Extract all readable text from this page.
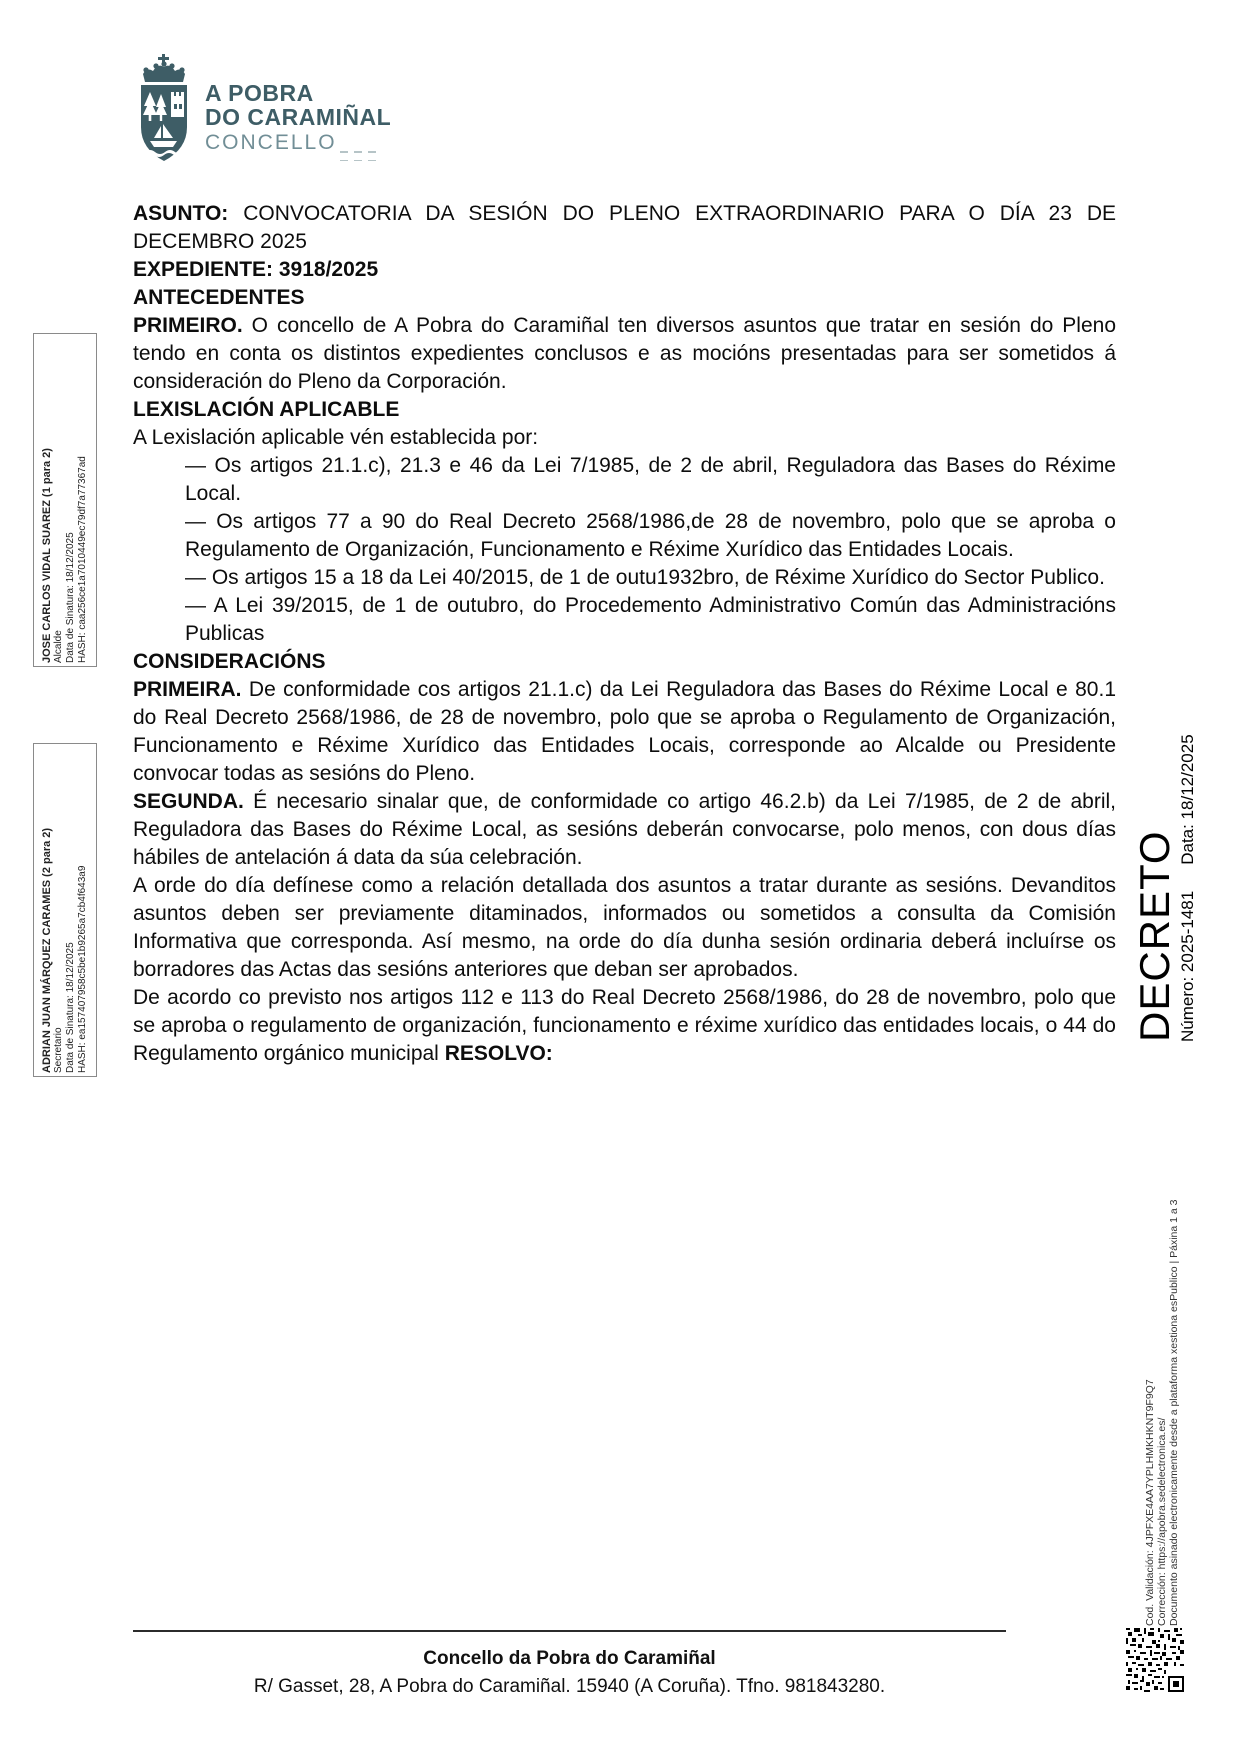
A POBRA
DO CARAMIÑAL
CONCELLO
JOSE CARLOS VIDAL SUAREZ (1 para 2) Alcalde Data de Sinatura: 18/12/2025 HASH: caa256ce1a7010449ec79df7a77367ad
ADRIAN JUAN MÁRQUEZ CARAMES (2 para 2) Secretario Data de Sinatura: 18/12/2025 HASH: ea157407958c5be1b9265a7cb4f643a9

ASUNTO: CONVOCATORIA DA SESIÓN DO PLENO EXTRAORDINARIO PARA O DÍA 23 DE DECEMBRO 2025

EXPEDIENTE: 3918/2025

ANTECEDENTES

PRIMEIRO. O concello de A Pobra do Caramiñal ten diversos asuntos que tratar en sesión do Pleno tendo en conta os distintos expedientes conclusos e as mocións presentadas para ser sometidos á consideración do Pleno da Corporación.

LEXISLACIÓN APLICABLE

A Lexislación aplicable vén establecida por:

— Os artigos 21.1.c), 21.3 e 46 da Lei 7/1985, de 2 de abril, Reguladora das Bases do Réxime Local.

— Os artigos 77 a 90 do Real Decreto 2568/1986,de 28 de novembro, polo que se aproba o Regulamento de Organización, Funcionamento e Réxime Xurídico das Entidades Locais.

— Os artigos 15 a 18 da Lei 40/2015, de 1 de outu1932bro, de Réxime Xurídico do Sector Publico.

— A Lei 39/2015, de 1 de outubro, do Procedemento Administrativo Común das Administracións Publicas

CONSIDERACIÓNS

PRIMEIRA. De conformidade cos artigos 21.1.c) da Lei Reguladora das Bases do Réxime Local e 80.1 do Real Decreto 2568/1986, de 28 de novembro, polo que se aproba o Regulamento de Organización, Funcionamento e Réxime Xurídico das Entidades Locais, corresponde ao Alcalde ou Presidente convocar todas as sesións do Pleno.

SEGUNDA. É necesario sinalar que, de conformidade co artigo 46.2.b) da Lei 7/1985, de 2 de abril, Reguladora das Bases do Réxime Local, as sesións deberán convocarse, polo menos, con dous días hábiles de antelación á data da súa celebración.

A orde do día defínese como a relación detallada dos asuntos a tratar durante as sesións. Devanditos asuntos deben ser previamente ditaminados, informados ou sometidos a consulta da Comisión Informativa que corresponda. Así mesmo, na orde do día dunha sesión ordinaria deberá incluírse os borradores das Actas das sesións anteriores que deban ser aprobados.

De acordo co previsto nos artigos 112 e 113 do Real Decreto 2568/1986, do 28 de novembro, polo que se aproba o regulamento de organización, funcionamento e réxime xurídico das entidades locais, o 44 do Regulamento orgánico municipal RESOLVO:

DECRETO Número: 2025-1481Data: 18/12/2025
Cod. Validación: 4JPFXE4AA7YPLHMKHKNT9F9Q7 Corrección: https://apobra.sedelectronica.es/ Documento asinado electronicamente desde a plataforma xestiona esPublico | Páxina 1 a 3
Concello da Pobra do Caramiñal
R/ Gasset, 28, A Pobra do Caramiñal. 15940 (A Coruña). Tfno. 981843280.
